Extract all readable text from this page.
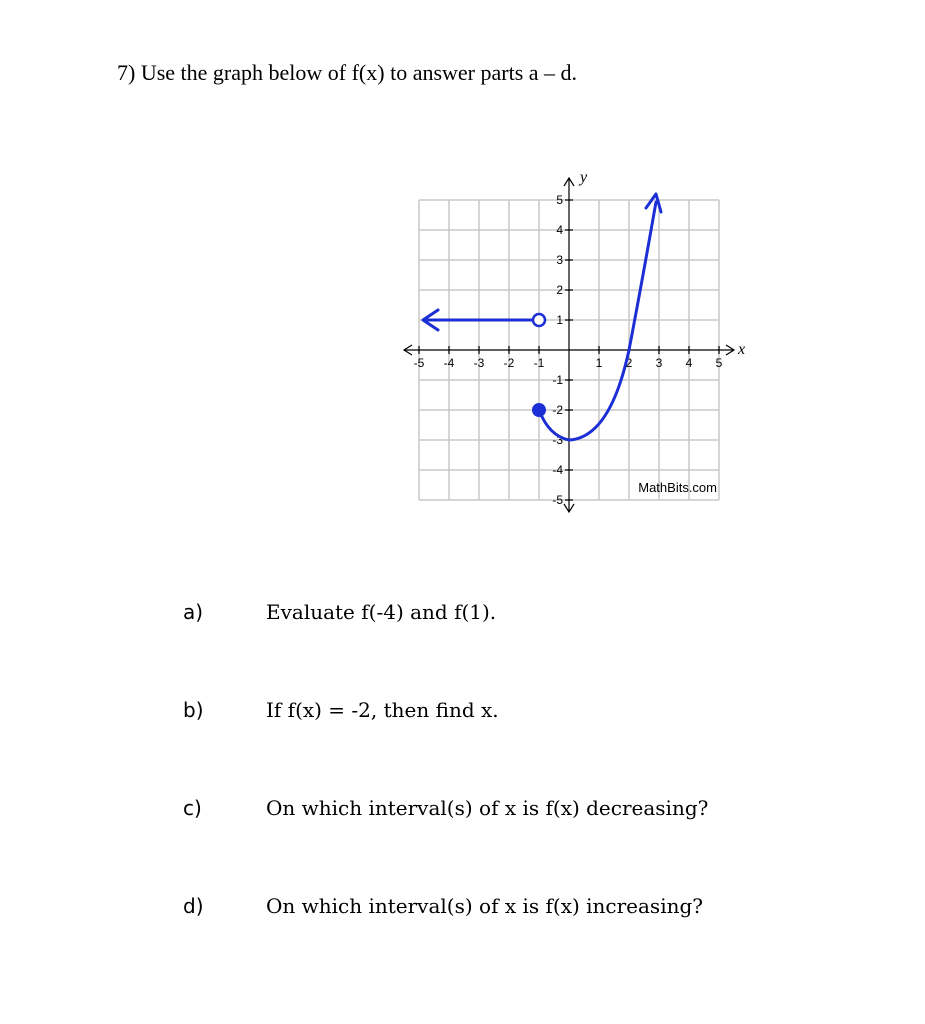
7) Use the graph below of f(x) to answer parts a – d.
x
y
-5 -4 -3 -2 -1	1 2 3 4 5
5
4
3
2
1
-1
-2
-3
-4
-5
MathBits.com
a)	Evaluate f(-4) and f(1).
b)	If f(x) = -2, then find x.
c)	On which interval(s) of x is f(x) decreasing?
d)	On which interval(s) of x is f(x) increasing?
